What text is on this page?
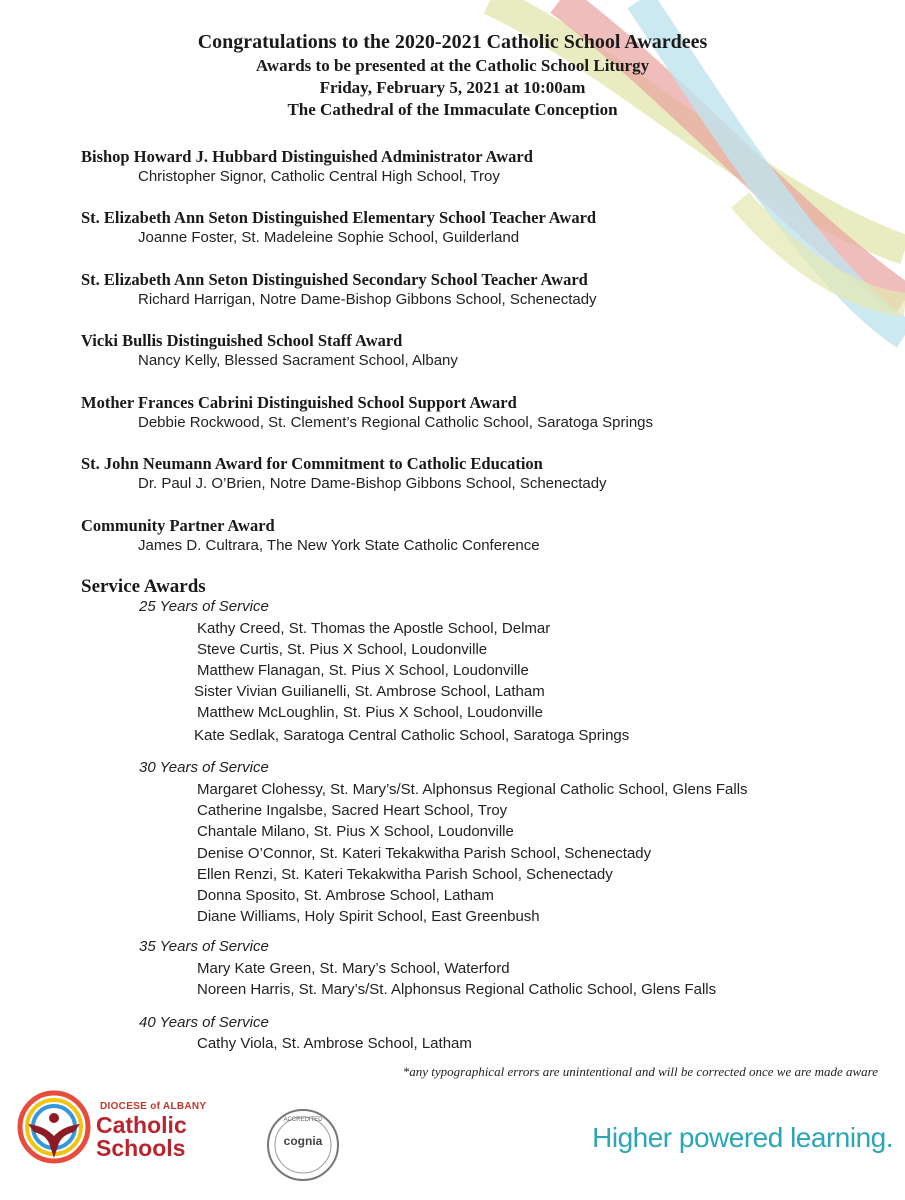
Congratulations to the 2020-2021 Catholic School Awardees
Awards to be presented at the Catholic School Liturgy
Friday, February 5, 2021 at 10:00am
The Cathedral of the Immaculate Conception
Bishop Howard J. Hubbard Distinguished Administrator Award
Christopher Signor, Catholic Central High School, Troy
St. Elizabeth Ann Seton Distinguished Elementary School Teacher Award
Joanne Foster, St. Madeleine Sophie School, Guilderland
St. Elizabeth Ann Seton Distinguished Secondary School Teacher Award
Richard Harrigan, Notre Dame-Bishop Gibbons School, Schenectady
Vicki Bullis Distinguished School Staff Award
Nancy Kelly, Blessed Sacrament School, Albany
Mother Frances Cabrini Distinguished School Support Award
Debbie Rockwood, St. Clement’s Regional Catholic School, Saratoga Springs
St. John Neumann Award for Commitment to Catholic Education
Dr. Paul J. O’Brien, Notre Dame-Bishop Gibbons School, Schenectady
Community Partner Award
James D. Cultrara, The New York State Catholic Conference
Service Awards
25 Years of Service
Kathy Creed, St. Thomas the Apostle School, Delmar
Steve Curtis, St. Pius X School, Loudonville
Matthew Flanagan, St. Pius X School, Loudonville
Sister Vivian Guilianelli, St. Ambrose School, Latham
Matthew McLoughlin, St. Pius X School, Loudonville
Kate Sedlak, Saratoga Central Catholic School, Saratoga Springs
30 Years of Service
Margaret Clohessy, St. Mary’s/St. Alphonsus Regional Catholic School, Glens Falls
Catherine Ingalsbe, Sacred Heart School, Troy
Chantale Milano, St. Pius X School, Loudonville
Denise O’Connor, St. Kateri Tekakwitha Parish School, Schenectady
Ellen Renzi, St. Kateri Tekakwitha Parish School, Schenectady
Donna Sposito, St. Ambrose School, Latham
Diane Williams, Holy Spirit School, East Greenbush
35 Years of Service
Mary Kate Green, St. Mary’s School, Waterford
Noreen Harris, St. Mary’s/St. Alphonsus Regional Catholic School, Glens Falls
40 Years of Service
Cathy Viola, St. Ambrose School, Latham
*any typographical errors are unintentional and will be corrected once we are made aware
DIOCESE of ALBANY
Catholic
Schools
ACCREDITED
cognia	Higher powered learning.
